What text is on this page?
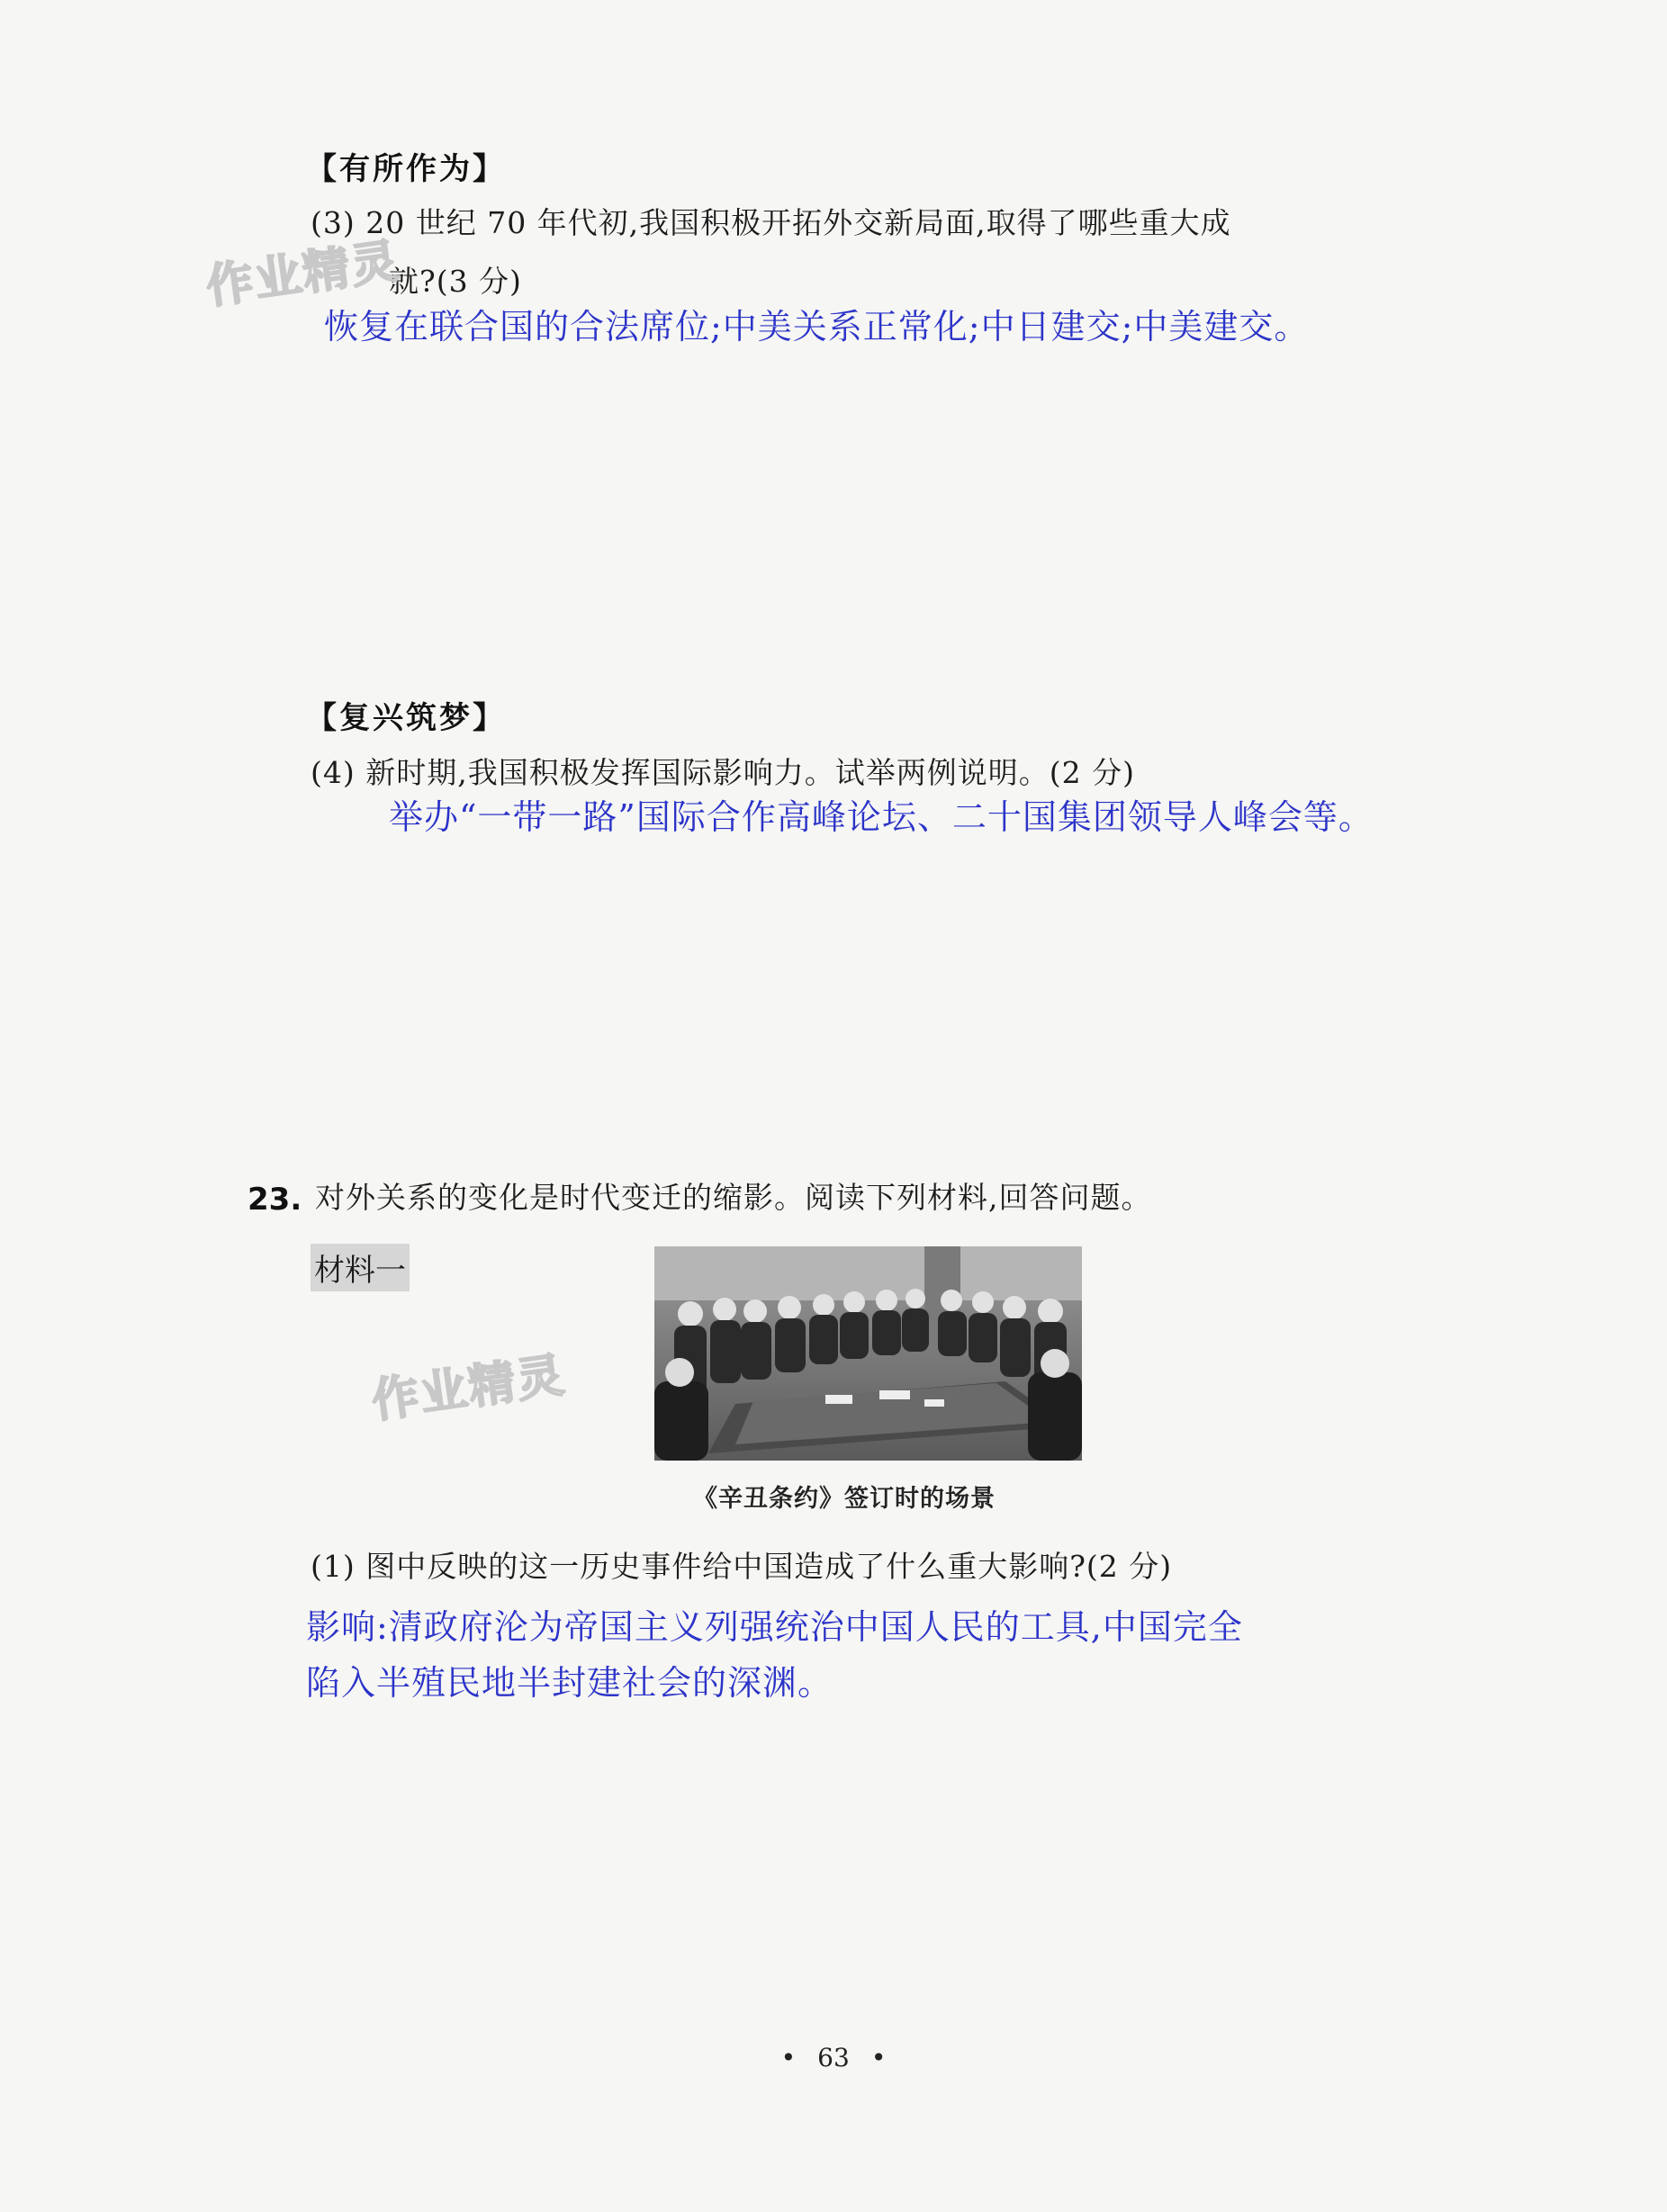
【有所作为】
(3) 20 世纪 70 年代初,我国积极开拓外交新局面,取得了哪些重大成
就?(3 分)
作业精灵
恢复在联合国的合法席位;中美关系正常化;中日建交;中美建交。
【复兴筑梦】
(4) 新时期,我国积极发挥国际影响力。试举两例说明。(2 分)
举办“一带一路”国际合作高峰论坛、二十国集团领导人峰会等。
23. 对外关系的变化是时代变迁的缩影。阅读下列材料,回答问题。
材料一
作业精灵
《辛丑条约》签订时的场景
(1) 图中反映的这一历史事件给中国造成了什么重大影响?(2 分)
影响:清政府沦为帝国主义列强统治中国人民的工具,中国完全
陷入半殖民地半封建社会的深渊。
• 63 •
